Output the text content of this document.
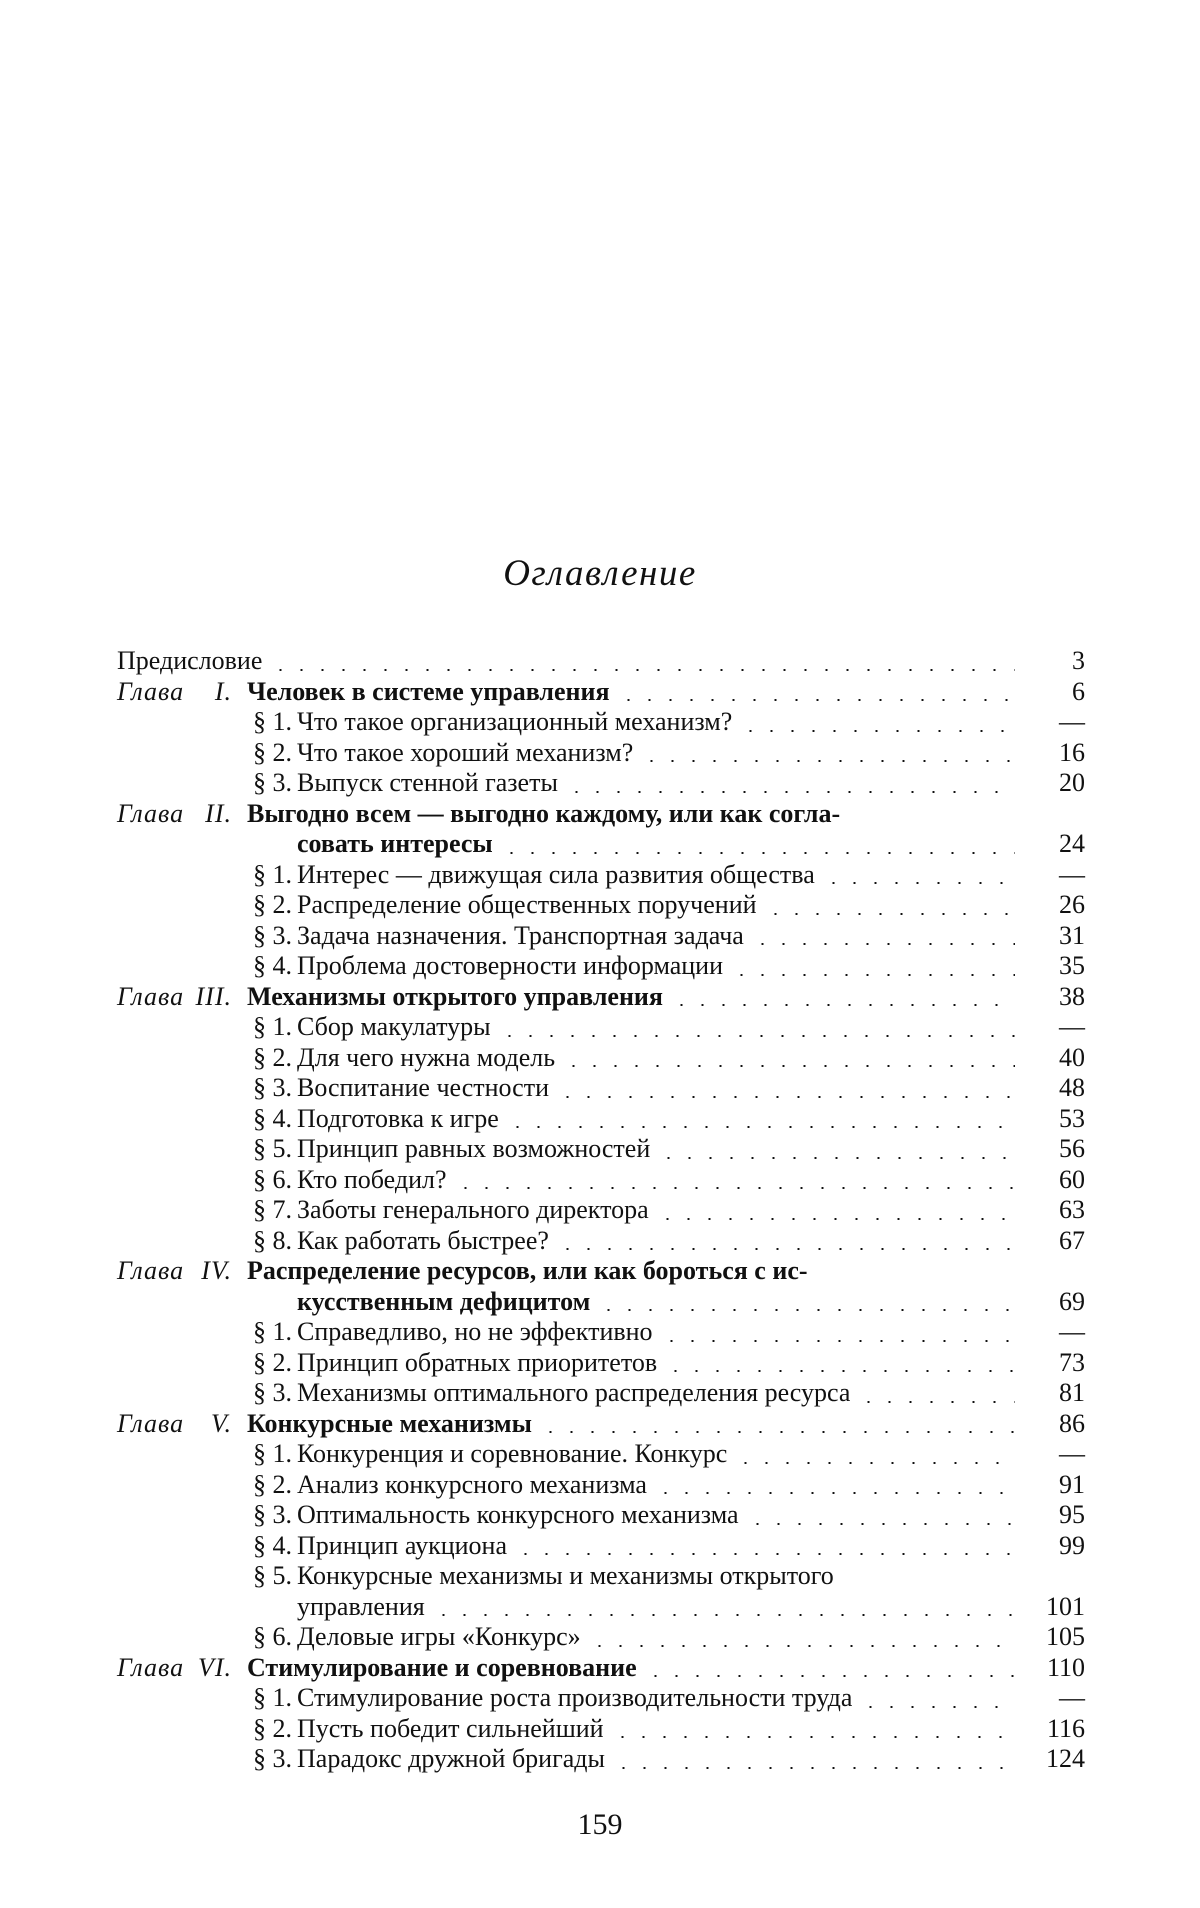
Оглавление
Предисловие	3
Глава I. Человек в системе управления	6
§ 1. Что такое организационный механизм?	—
§ 2. Что такое хороший механизм?	16
§ 3. Выпуск стенной газеты	20
Глава II. Выгодно всем — выгодно каждому, или как согла-
совать интересы	24
§ 1. Интерес — движущая сила развития общества	—
§ 2. Распределение общественных поручений	26
§ 3. Задача назначения. Транспортная задача	31
§ 4. Проблема достоверности информации	35
Глава III. Механизмы открытого управления	38
§ 1. Сбор макулатуры	—
§ 2. Для чего нужна модель	40
§ 3. Воспитание честности	48
§ 4. Подготовка к игре	53
§ 5. Принцип равных возможностей	56
§ 6. Кто победил?	60
§ 7. Заботы генерального директора	63
§ 8. Как работать быстрее?	67
Глава IV. Распределение ресурсов, или как бороться с ис-
кусственным дефицитом	69
§ 1. Справедливо, но не эффективно	—
§ 2. Принцип обратных приоритетов	73
§ 3. Механизмы оптимального распределения ресурса	81
Глава V. Конкурсные механизмы	86
§ 1. Конкуренция и соревнование. Конкурс	—
§ 2. Анализ конкурсного механизма	91
§ 3. Оптимальность конкурсного механизма	95
§ 4. Принцип аукциона	99
§ 5. Конкурсные механизмы и механизмы открытого
управления	101
§ 6. Деловые игры «Конкурс»	105
Глава VI. Стимулирование и соревнование	110
§ 1. Стимулирование роста производительности труда	—
§ 2. Пусть победит сильнейший	116
§ 3. Парадокс дружной бригады	124
159
